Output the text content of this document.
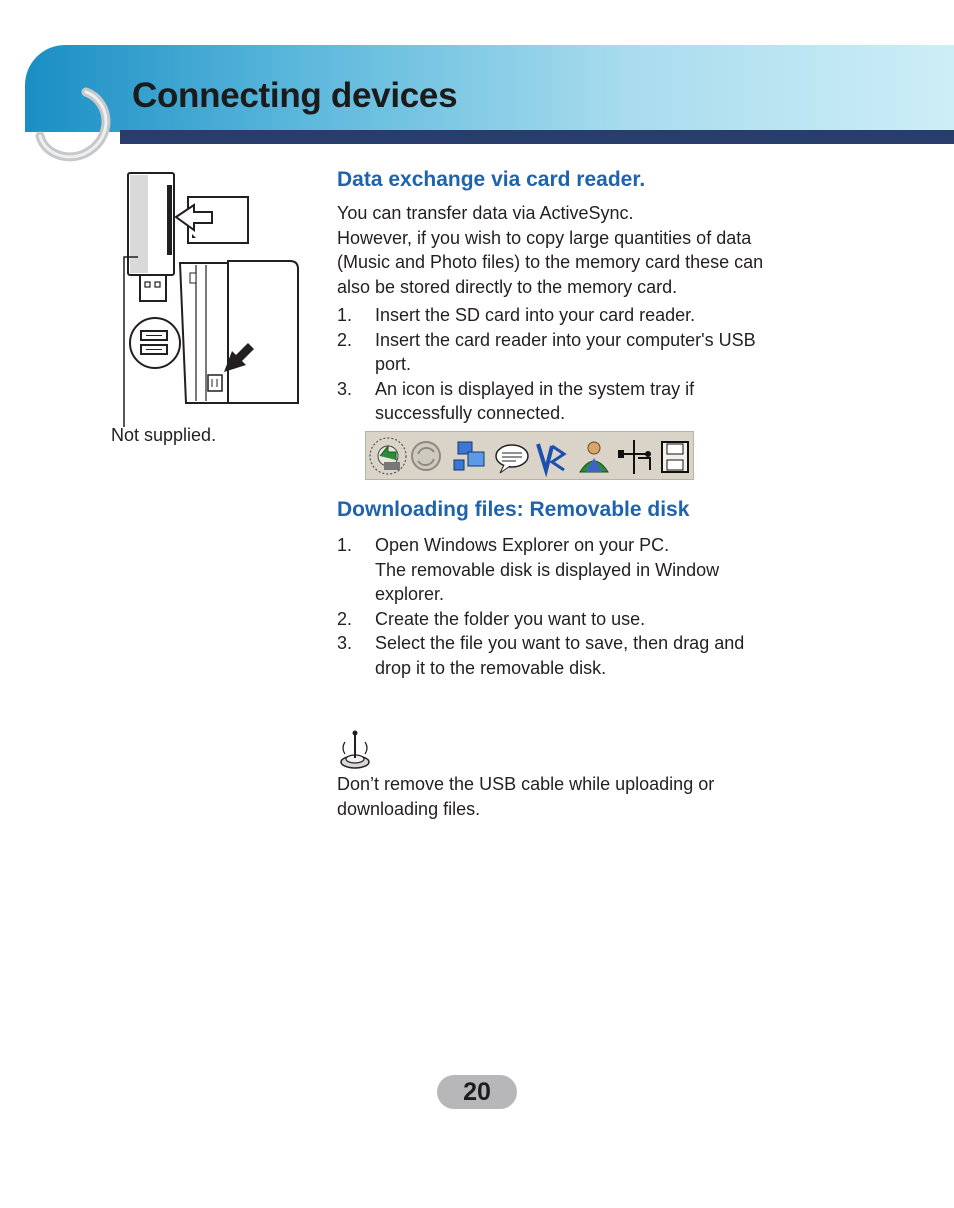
Connecting devices
Not supplied.
Data exchange via card reader.
You can transfer data via ActiveSync.
However, if you wish to copy large quantities of data
(Music and Photo files) to the memory card these can
also be stored directly to the memory card.
1. Insert the SD card into your card reader.
2. Insert the card reader into your computer's USB
port.
3. An icon is displayed in the system tray if
successfully connected.
Downloading files: Removable disk
1. Open Windows Explorer on your PC.
The removable disk is displayed in Window
explorer.
2. Create the folder you want to use.
3. Select the file you want to save, then drag and
drop it to the removable disk.
Don’t remove the USB cable while uploading or
downloading files.
20
